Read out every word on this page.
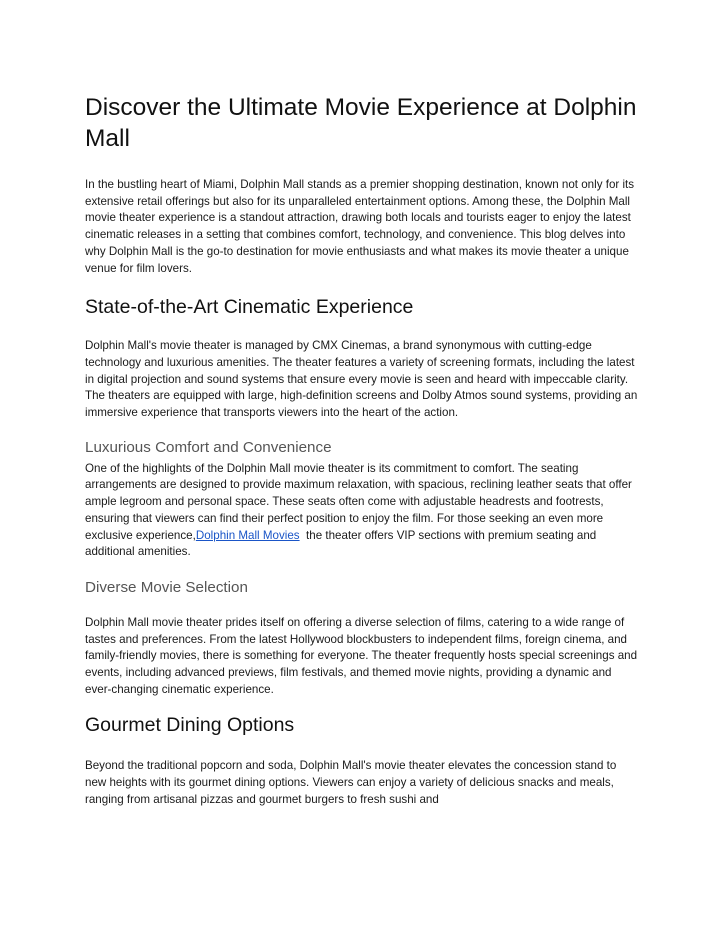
Discover the Ultimate Movie Experience at Dolphin Mall

In the bustling heart of Miami, Dolphin Mall stands as a premier shopping destination, known not only for its extensive retail offerings but also for its unparalleled entertainment options. Among these, the Dolphin Mall movie theater experience is a standout attraction, drawing both locals and tourists eager to enjoy the latest cinematic releases in a setting that combines comfort, technology, and convenience. This blog delves into why Dolphin Mall is the go-to destination for movie enthusiasts and what makes its movie theater a unique venue for film lovers.

State-of-the-Art Cinematic Experience

Dolphin Mall's movie theater is managed by CMX Cinemas, a brand synonymous with cutting-edge technology and luxurious amenities. The theater features a variety of screening formats, including the latest in digital projection and sound systems that ensure every movie is seen and heard with impeccable clarity. The theaters are equipped with large, high-definition screens and Dolby Atmos sound systems, providing an immersive experience that transports viewers into the heart of the action.

Luxurious Comfort and Convenience

One of the highlights of the Dolphin Mall movie theater is its commitment to comfort. The seating arrangements are designed to provide maximum relaxation, with spacious, reclining leather seats that offer ample legroom and personal space. These seats often come with adjustable headrests and footrests, ensuring that viewers can find their perfect position to enjoy the film. For those seeking an even more exclusive experience,Dolphin Mall Movies  the theater offers VIP sections with premium seating and additional amenities.

Diverse Movie Selection

Dolphin Mall movie theater prides itself on offering a diverse selection of films, catering to a wide range of tastes and preferences. From the latest Hollywood blockbusters to independent films, foreign cinema, and family-friendly movies, there is something for everyone. The theater frequently hosts special screenings and events, including advanced previews, film festivals, and themed movie nights, providing a dynamic and ever-changing cinematic experience.

Gourmet Dining Options

Beyond the traditional popcorn and soda, Dolphin Mall's movie theater elevates the concession stand to new heights with its gourmet dining options. Viewers can enjoy a variety of delicious snacks and meals, ranging from artisanal pizzas and gourmet burgers to fresh sushi and
